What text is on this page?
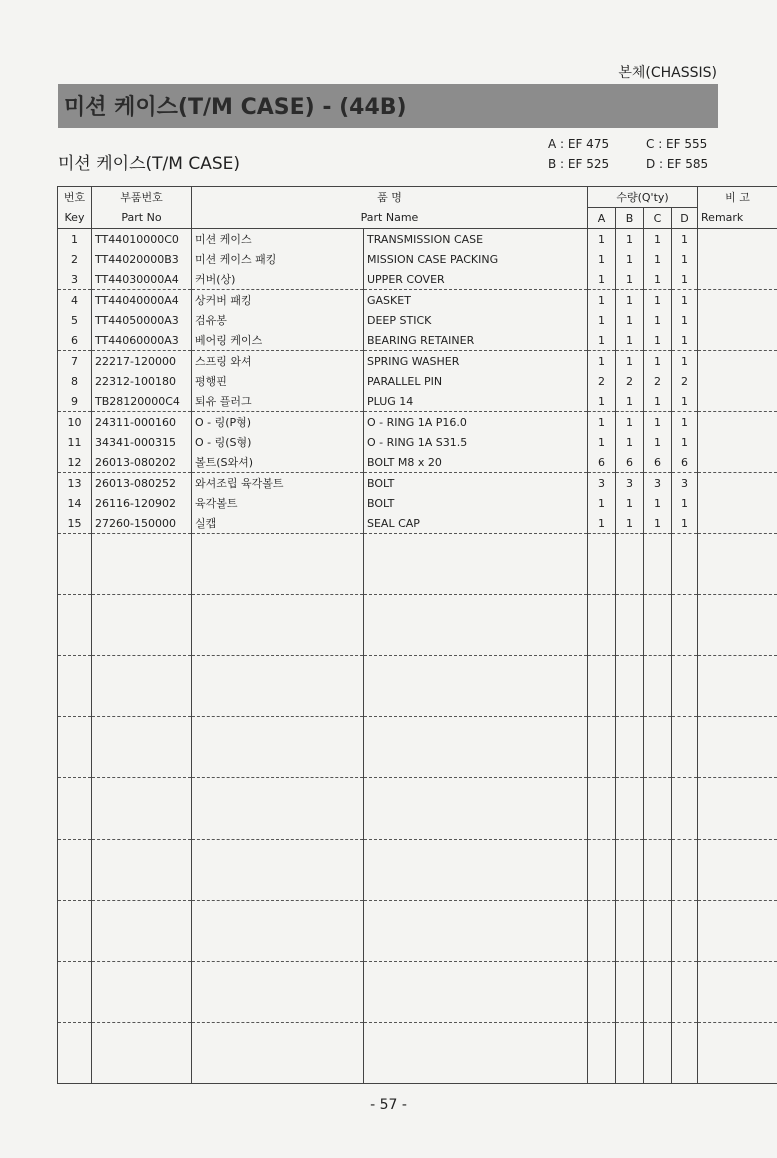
본체(CHASSIS)
미션 케이스(T/M CASE) - (44B)
미션 케이스(T/M CASE)
A : EF 475
B : EF 525
C : EF 555
D : EF 585
번호	부품번호	품 명		수량(Q'ty)				비 고
Key	Part No	Part Name		A	B	C	D	Remark
1	TT44010000C0	미션 케이스	TRANSMISSION CASE	1	1	1	1	
2	TT44020000B3	미션 케이스 패킹	MISSION CASE PACKING	1	1	1	1	
3	TT44030000A4	커버(상)	UPPER COVER	1	1	1	1	
4	TT44040000A4	상커버 패킹	GASKET	1	1	1	1	
5	TT44050000A3	검유봉	DEEP STICK	1	1	1	1	
6	TT44060000A3	베어링 케이스	BEARING RETAINER	1	1	1	1	
7	22217-120000	스프링 와셔	SPRING WASHER	1	1	1	1	
8	22312-100180	평행핀	PARALLEL PIN	2	2	2	2	
9	TB28120000C4	퇴유 플러그	PLUG 14	1	1	1	1	
10	24311-000160	O - 링(P형)	O - RING 1A P16.0	1	1	1	1	
11	34341-000315	O - 링(S형)	O - RING 1A S31.5	1	1	1	1	
12	26013-080202	볼트(S와셔)	BOLT M8 x 20	6	6	6	6	
13	26013-080252	와셔조립 육각볼트	BOLT	3	3	3	3	
14	26116-120902	육각볼트	BOLT	1	1	1	1	
15	27260-150000	실캡	SEAL CAP	1	1	1	1	

- 57 -
